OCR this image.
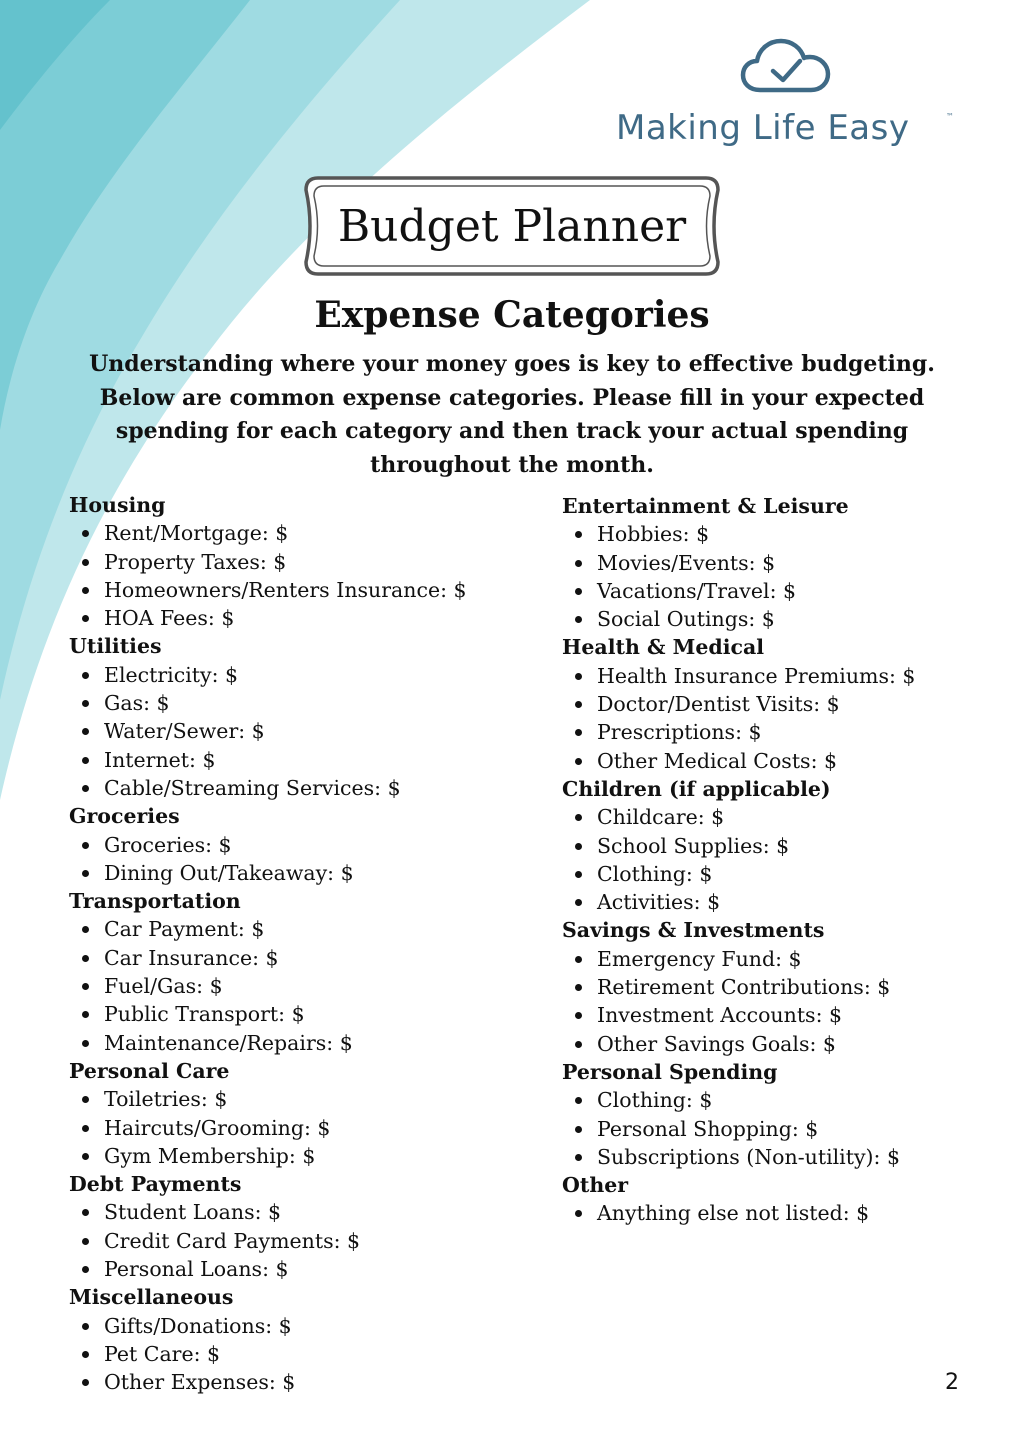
Making Life Easy	™
Budget Planner
Expense Categories
Understanding where your money goes is key to effective budgeting. Below are common expense categories. Please fill in your expected spending for each category and then track your actual spending throughout the month.
Housing
Rent/Mortgage: $
Property Taxes: $
Homeowners/Renters Insurance: $
HOA Fees: $
Utilities
Electricity: $
Gas: $
Water/Sewer: $
Internet: $
Cable/Streaming Services: $
Groceries
Groceries: $
Dining Out/Takeaway: $
Transportation
Car Payment: $
Car Insurance: $
Fuel/Gas: $
Public Transport: $
Maintenance/Repairs: $
Personal Care
Toiletries: $
Haircuts/Grooming: $
Gym Membership: $
Debt Payments
Student Loans: $
Credit Card Payments: $
Personal Loans: $
Miscellaneous
Gifts/Donations: $
Pet Care: $
Other Expenses: $
Entertainment & Leisure
Hobbies: $
Movies/Events: $
Vacations/Travel: $
Social Outings: $
Health & Medical
Health Insurance Premiums: $
Doctor/Dentist Visits: $
Prescriptions: $
Other Medical Costs: $
Children (if applicable)
Childcare: $
School Supplies: $
Clothing: $
Activities: $
Savings & Investments
Emergency Fund: $
Retirement Contributions: $
Investment Accounts: $
Other Savings Goals: $
Personal Spending
Clothing: $
Personal Shopping: $
Subscriptions (Non-utility): $
Other
Anything else not listed: $
2
